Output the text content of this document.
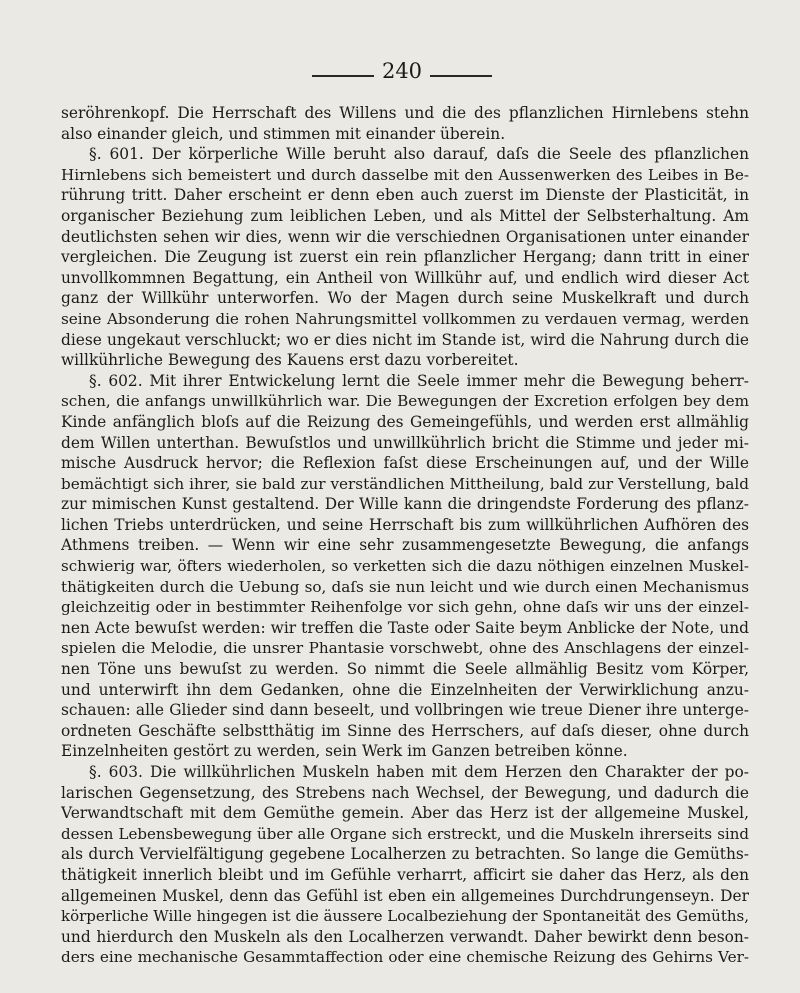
240
seröhrenkopf. Die Herrschaft des Willens und die des pflanzlichen Hirnlebens stehn
also einander gleich, und stimmen mit einander überein.
§. 601. Der körperliche Wille beruht also darauf, daſs die Seele des pflanzlichen
Hirnlebens sich bemeistert und durch dasselbe mit den Aussenwerken des Leibes in Be-
rührung tritt. Daher erscheint er denn eben auch zuerst im Dienste der Plasticität, in
organischer Beziehung zum leiblichen Leben, und als Mittel der Selbsterhaltung. Am
deutlichsten sehen wir dies, wenn wir die verschiednen Organisationen unter einander
vergleichen. Die Zeugung ist zuerst ein rein pflanzlicher Hergang; dann tritt in einer
unvollkommnen Begattung, ein Antheil von Willkühr auf, und endlich wird dieser Act
ganz der Willkühr unterworfen. Wo der Magen durch seine Muskelkraft und durch
seine Absonderung die rohen Nahrungsmittel vollkommen zu verdauen vermag, werden
diese ungekaut verschluckt; wo er dies nicht im Stande ist, wird die Nahrung durch die
willkührliche Bewegung des Kauens erst dazu vorbereitet.
§. 602. Mit ihrer Entwickelung lernt die Seele immer mehr die Bewegung beherr-
schen, die anfangs unwillkührlich war. Die Bewegungen der Excretion erfolgen bey dem
Kinde anfänglich bloſs auf die Reizung des Gemeingefühls, und werden erst allmählig
dem Willen unterthan. Bewuſstlos und unwillkührlich bricht die Stimme und jeder mi-
mische Ausdruck hervor; die Reflexion faſst diese Erscheinungen auf, und der Wille
bemächtigt sich ihrer, sie bald zur verständlichen Mittheilung, bald zur Verstellung, bald
zur mimischen Kunst gestaltend. Der Wille kann die dringendste Forderung des pflanz-
lichen Triebs unterdrücken, und seine Herrschaft bis zum willkührlichen Aufhören des
Athmens treiben. — Wenn wir eine sehr zusammengesetzte Bewegung, die anfangs
schwierig war, öfters wiederholen, so verketten sich die dazu nöthigen einzelnen Muskel-
thätigkeiten durch die Uebung so, daſs sie nun leicht und wie durch einen Mechanismus
gleichzeitig oder in bestimmter Reihenfolge vor sich gehn, ohne daſs wir uns der einzel-
nen Acte bewuſst werden: wir treffen die Taste oder Saite beym Anblicke der Note, und
spielen die Melodie, die unsrer Phantasie vorschwebt, ohne des Anschlagens der einzel-
nen Töne uns bewuſst zu werden. So nimmt die Seele allmählig Besitz vom Körper,
und unterwirft ihn dem Gedanken, ohne die Einzelnheiten der Verwirklichung anzu-
schauen: alle Glieder sind dann beseelt, und vollbringen wie treue Diener ihre unterge-
ordneten Geschäfte selbstthätig im Sinne des Herrschers, auf daſs dieser, ohne durch
Einzelnheiten gestört zu werden, sein Werk im Ganzen betreiben könne.
§. 603. Die willkührlichen Muskeln haben mit dem Herzen den Charakter der po-
larischen Gegensetzung, des Strebens nach Wechsel, der Bewegung, und dadurch die
Verwandtschaft mit dem Gemüthe gemein. Aber das Herz ist der allgemeine Muskel,
dessen Lebensbewegung über alle Organe sich erstreckt, und die Muskeln ihrerseits sind
als durch Vervielfältigung gegebene Localherzen zu betrachten. So lange die Gemüths-
thätigkeit innerlich bleibt und im Gefühle verharrt, afficirt sie daher das Herz, als den
allgemeinen Muskel, denn das Gefühl ist eben ein allgemeines Durchdrungenseyn. Der
körperliche Wille hingegen ist die äussere Localbeziehung der Spontaneität des Gemüths,
und hierdurch den Muskeln als den Localherzen verwandt. Daher bewirkt denn beson-
ders eine mechanische Gesammtaffection oder eine chemische Reizung des Gehirns Ver-
